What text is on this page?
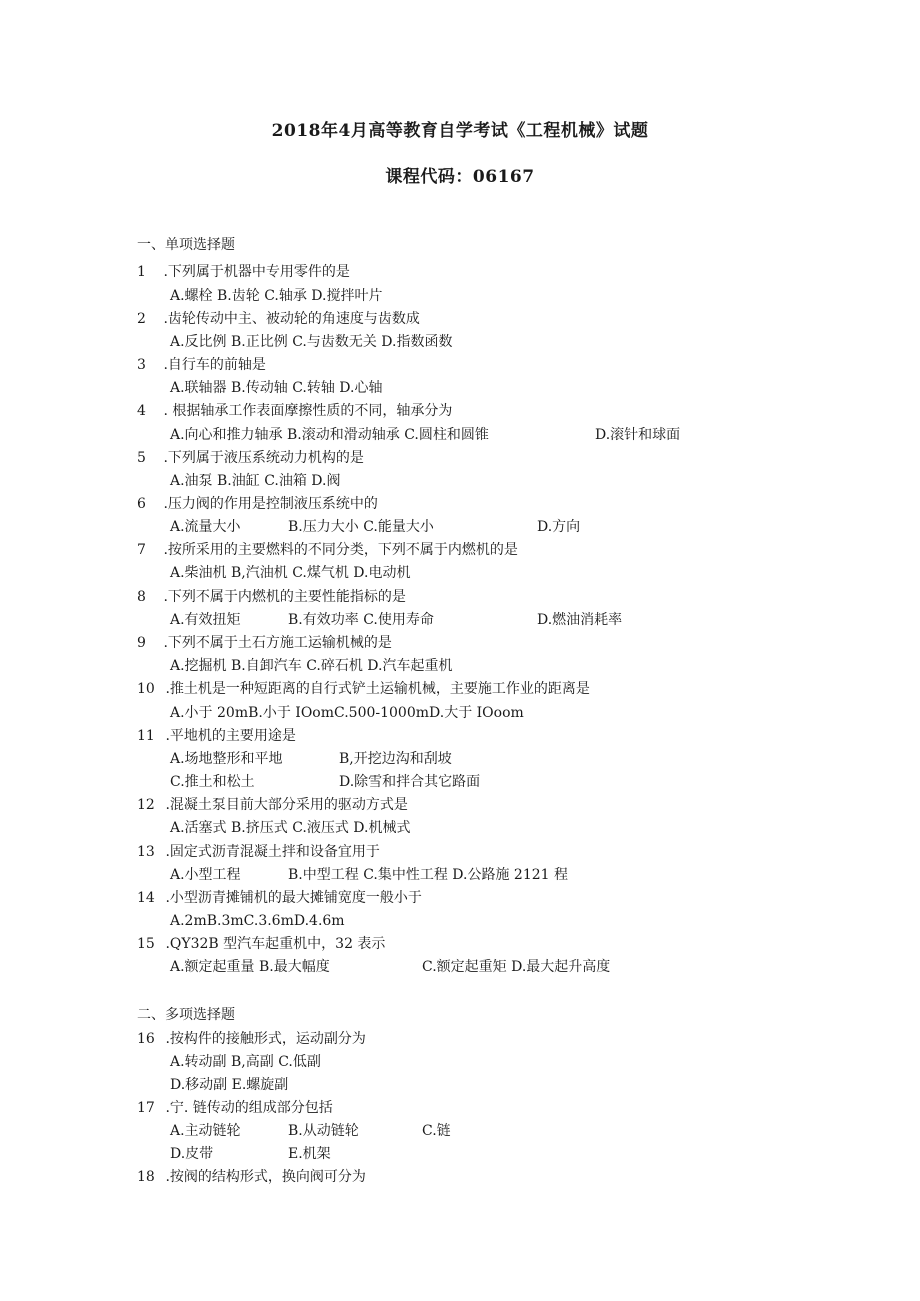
2018年4月高等教育自学考试《工程机械》试题
课程代码：06167
一、单项选择题
1 .下列属于机器中专用零件的是
A.螺栓 B.齿轮 C.轴承 D.搅拌叶片
2 .齿轮传动中主、被动轮的角速度与齿数成
A.反比例 B.正比例 C.与齿数无关 D.指数函数
3 .自行车的前轴是
A.联轴器 B.传动轴 C.转轴 D.心轴
4 . 根据轴承工作表面摩擦性质的不同，轴承分为
A.向心和推力轴承 B.滚动和滑动轴承 C.圆柱和圆锥	D.滚针和球面
5 .下列属于液压系统动力机构的是
A.油泵 B.油缸 C.油箱 D.阀
6 .压力阀的作用是控制液压系统中的
A.流量大小	B.压力大小 C.能量大小	D.方向
7 .按所采用的主要燃料的不同分类，下列不属于内燃机的是
A.柴油机 B,汽油机 C.煤气机 D.电动机
8 .下列不属于内燃机的主要性能指标的是
A.有效扭矩	B.有效功率 C.使用寿命	D.燃油消耗率
9 .下列不属于土石方施工运输机械的是
A.挖掘机 B.自卸汽车 C.碎石机 D.汽车起重机
10 .推土机是一种短距离的自行式铲土运输机械，主要施工作业的距离是
A.小于 20mB.小于 IOomC.500-1000mD.大于 IOoom
11 .平地机的主要用途是
A.场地整形和平地	B,开挖边沟和刮坡
C.推土和松土	D.除雪和拌合其它路面
12 .混凝土泵目前大部分采用的驱动方式是
A.活塞式 B.挤压式 C.液压式 D.机械式
13 .固定式沥青混凝土拌和设备宜用于
A.小型工程	B.中型工程 C.集中性工程 D.公路施 2121 程
14 .小型沥青摊铺机的最大摊铺宽度一般小于
A.2mB.3mC.3.6mD.4.6m
15 .QY32B 型汽车起重机中，32 表示
A.额定起重量 B.最大幅度	C.额定起重矩 D.最大起升高度
二、多项选择题
16 .按构件的接触形式，运动副分为
A.转动副 B,高副 C.低副
D.移动副 E.螺旋副
17 .宁. 链传动的组成部分包括
A.主动链轮	B.从动链轮	C.链
D.皮带	E.机架
18 .按阀的结构形式，换向阀可分为
